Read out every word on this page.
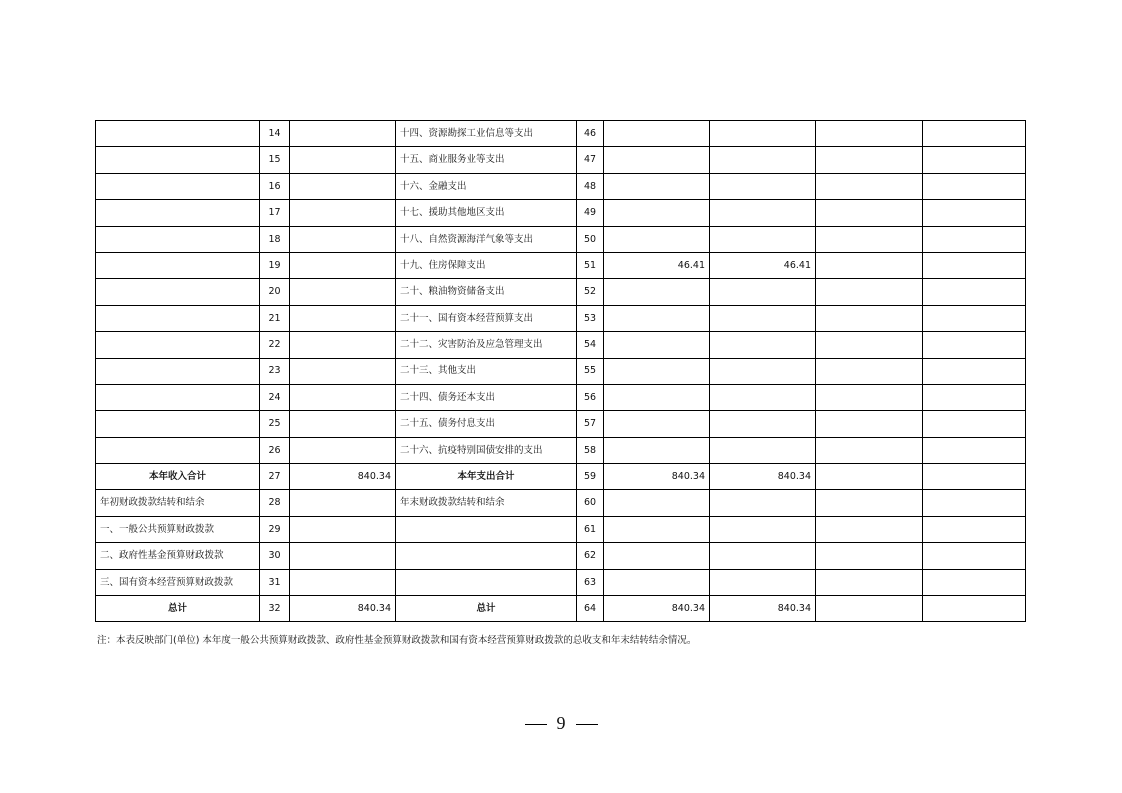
	14		十四、资源勘探工业信息等支出	46				
	15		十五、商业服务业等支出	47				
	16		十六、金融支出	48				
	17		十七、援助其他地区支出	49				
	18		十八、自然资源海洋气象等支出	50				
	19		十九、住房保障支出	51	46.41	46.41		
	20		二十、粮油物资储备支出	52				
	21		二十一、国有资本经营预算支出	53				
	22		二十二、灾害防治及应急管理支出	54				
	23		二十三、其他支出	55				
	24		二十四、债务还本支出	56				
	25		二十五、债务付息支出	57				
	26		二十六、抗疫特别国债安排的支出	58				
本年收入合计	27	840.34	本年支出合计	59	840.34	840.34		
年初财政拨款结转和结余	28		年末财政拨款结转和结余	60				
一、一般公共预算财政拨款	29			61				
二、政府性基金预算财政拨款	30			62				
三、国有资本经营预算财政拨款	31			63				
总计	32	840.34	总计	64	840.34	840.34		
注：本表反映部门(单位) 本年度一般公共预算财政拨款、政府性基金预算财政拨款和国有资本经营预算财政拨款的总收支和年末结转结余情况。
9
